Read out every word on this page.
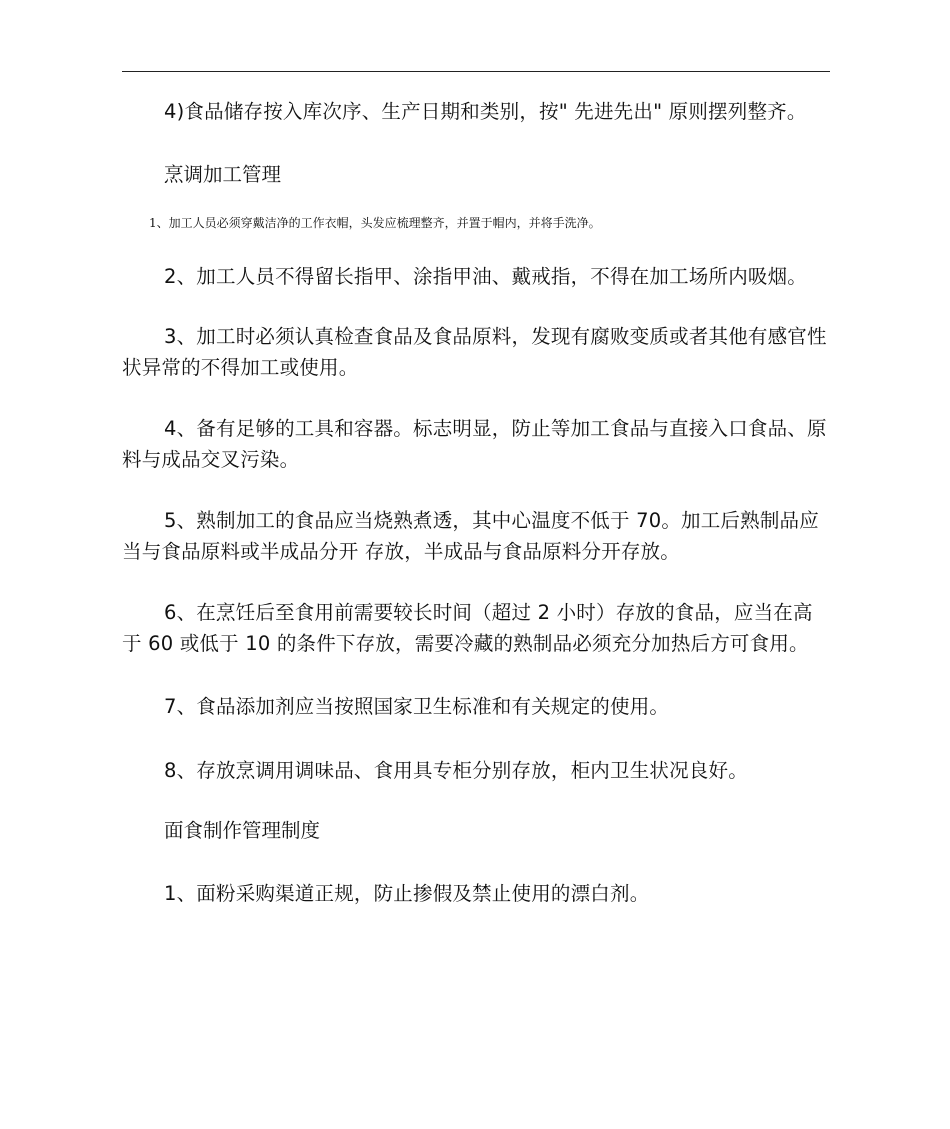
4)食品储存按入库次序、生产日期和类别，按" 先进先出" 原则摆列整齐。

烹调加工管理

1、加工人员必须穿戴洁净的工作衣帽，头发应梳理整齐，并置于帽内，并将手洗净。

2、加工人员不得留长指甲、涂指甲油、戴戒指，不得在加工场所内吸烟。

3、加工时必须认真检查食品及食品原料，发现有腐败变质或者其他有感官性状异常的不得加工或使用。

4、备有足够的工具和容器。标志明显，防止等加工食品与直接入口食品、原料与成品交叉污染。

5、熟制加工的食品应当烧熟煮透，其中心温度不低于 70。加工后熟制品应当与食品原料或半成品分开 存放，半成品与食品原料分开存放。

6、在烹饪后至食用前需要较长时间（超过 2 小时）存放的食品，应当在高于 60 或低于 10 的条件下存放，需要冷藏的熟制品必须充分加热后方可食用。

7、食品添加剂应当按照国家卫生标准和有关规定的使用。

8、存放烹调用调味品、食用具专柜分别存放，柜内卫生状况良好。

面食制作管理制度

1、面粉采购渠道正规，防止掺假及禁止使用的漂白剂。
